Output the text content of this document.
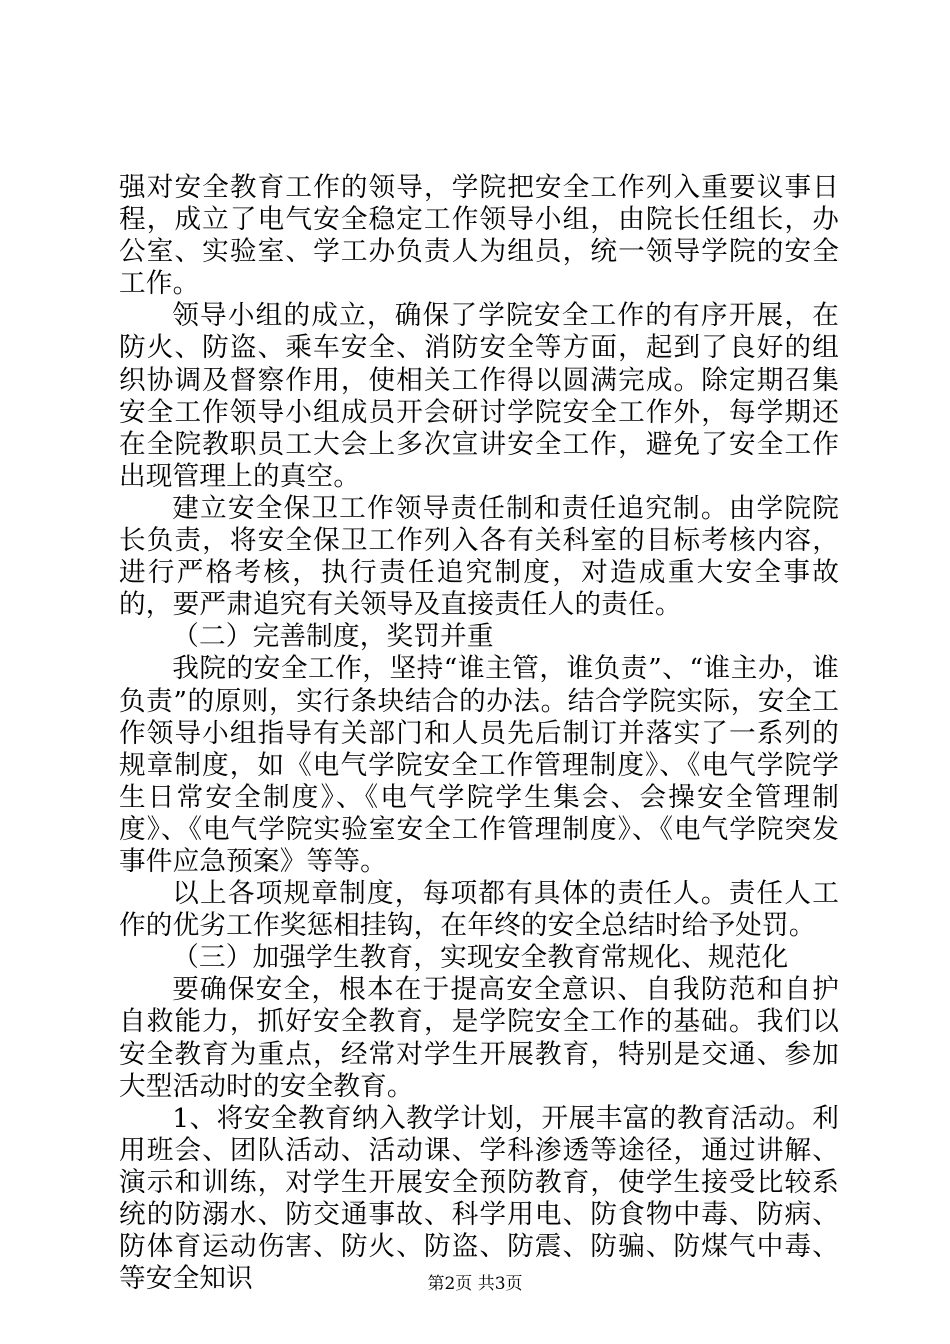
强对安全教育工作的领导，学院把安全工作列入重要议事日程，成立了电气安全稳定工作领导小组，由院长任组长，办公室、实验室、学工办负责人为组员，统一领导学院的安全工作。

领导小组的成立，确保了学院安全工作的有序开展，在防火、防盗、乘车安全、消防安全等方面，起到了良好的组织协调及督察作用，使相关工作得以圆满完成。除定期召集安全工作领导小组成员开会研讨学院安全工作外，每学期还在全院教职员工大会上多次宣讲安全工作，避免了安全工作出现管理上的真空。

建立安全保卫工作领导责任制和责任追究制。由学院院长负责，将安全保卫工作列入各有关科室的目标考核内容，进行严格考核，执行责任追究制度，对造成重大安全事故的，要严肃追究有关领导及直接责任人的责任。

（二）完善制度，奖罚并重

我院的安全工作，坚持“谁主管，谁负责”、“谁主办，谁负责”的原则，实行条块结合的办法。结合学院实际，安全工作领导小组指导有关部门和人员先后制订并落实了一系列的规章制度，如《电气学院安全工作管理制度》、《电气学院学生日常安全制度》、《电气学院学生集会、会操安全管理制度》、《电气学院实验室安全工作管理制度》、《电气学院突发事件应急预案》等等。

以上各项规章制度，每项都有具体的责任人。责任人工作的优劣工作奖惩相挂钩，在年终的安全总结时给予处罚。

（三）加强学生教育，实现安全教育常规化、规范化

要确保安全，根本在于提高安全意识、自我防范和自护自救能力，抓好安全教育，是学院安全工作的基础。我们以安全教育为重点，经常对学生开展教育，特别是交通、参加大型活动时的安全教育。

1、将安全教育纳入教学计划，开展丰富的教育活动。利用班会、团队活动、活动课、学科渗透等途径，通过讲解、演示和训练，对学生开展安全预防教育，使学生接受比较系统的防溺水、防交通事故、科学用电、防食物中毒、防病、防体育运动伤害、防火、防盗、防震、防骗、防煤气中毒、等安全知识	第2页 共3页
